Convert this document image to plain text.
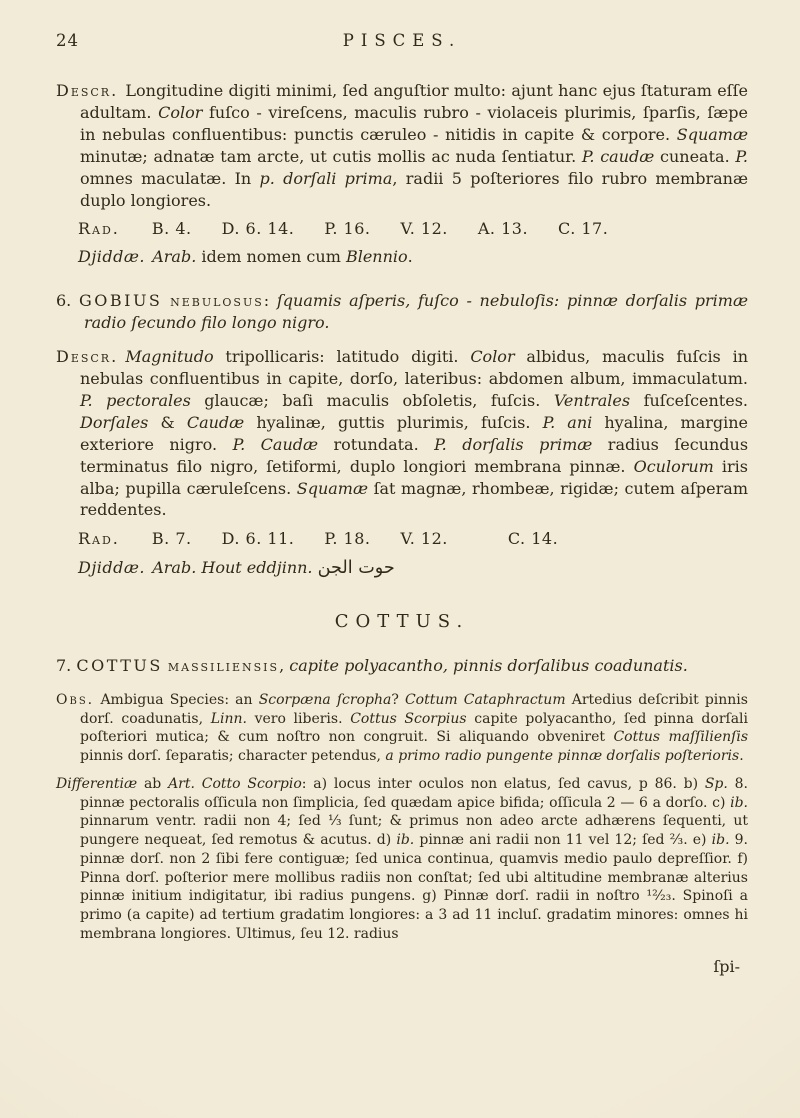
24	PISCES.

Descr. Longitudine digiti minimi, ſed anguſtior multo: ajunt hanc ejus ſtaturam eſſe adultam. Color fuſco - vireſcens, maculis rubro - violaceis plurimis, ſparſis, ſæpe in nebulas confluentibus: punctis cæruleo - nitidis in capite & corpore. Squamæ minutæ; adnatæ tam arcte, ut cutis mollis ac nuda ſentiatur. P. caudæ cuneata. P. omnes maculatæ. In p. dorſali prima, radii 5 poſteriores filo rubro membranæ duplo longiores.

Rad. B. 4. D. 6. 14. P. 16. V. 12. A. 13. C. 17.

Djiddæ. Arab. idem nomen cum Blennio.

6. GOBIUS nebulosus: ſquamis aſperis, fuſco - nebuloſis: pinnæ dorſalis primæ radio ſecundo filo longo nigro.

Descr. Magnitudo tripollicaris: latitudo digiti. Color albidus, maculis fuſcis in nebulas confluentibus in capite, dorſo, lateribus: abdomen album, immaculatum. P. pectorales glaucæ; baſi maculis obſoletis, fuſcis. Ventrales fuſceſcentes. Dorſales & Caudæ hyalinæ, guttis plurimis, fuſcis. P. ani hyalina, margine exteriore nigro. P. Caudæ rotundata. P. dorſalis primæ radius ſecundus terminatus filo nigro, ſetiformi, duplo longiori membrana pinnæ. Oculorum iris alba; pupilla cæruleſcens. Squamæ ſat magnæ, rhombeæ, rigidæ; cutem aſperam reddentes.

Rad. B. 7. D. 6. 11. P. 18. V. 12.	C. 14.

Djiddæ. Arab. Hout eddjinn. حوت الجن

COTTUS.

7. COTTUS massiliensis, capite polyacantho, pinnis dorſalibus coadunatis.

Obs. Ambigua Species: an Scorpæna ſcropha? Cottum Cataphractum Artedius deſcribit pinnis dorſ. coadunatis, Linn. vero liberis. Cottus Scorpius capite polyacantho, ſed pinna dorſali poſteriori mutica; & cum noſtro non congruit. Si aliquando obveniret Cottus maſſilienſis pinnis dorſ. ſeparatis; character petendus, a primo radio pungente pinnæ dorſalis poſterioris.

Differentiæ ab Art. Cotto Scorpio: a) locus inter oculos non elatus, ſed cavus, p 86. b) Sp. 8. pinnæ pectoralis oſſicula non ſimplicia, ſed quædam apice bifida; oſſicula 2 — 6 a dorſo. c) ib. pinnarum ventr. radii non 4; ſed ⅓ ſunt; & primus non adeo arcte adhærens ſequenti, ut pungere nequeat, ſed remotus & acutus. d) ib. pinnæ ani radii non 11 vel 12; ſed ⅔. e) ib. 9. pinnæ dorſ. non 2 ſibi fere contiguæ; ſed unica continua, quamvis medio paulo depreſſior. f) Pinna dorſ. poſterior mere mollibus radiis non conſtat; ſed ubi altitudine membranæ alterius pinnæ initium indigitatur, ibi radius pungens. g) Pinnæ dorſ. radii in noſtro ¹²⁄₂₃. Spinoſi a primo (a capite) ad tertium gradatim longiores: a 3 ad 11 incluſ. gradatim minores: omnes hi membrana longiores. Ultimus, ſeu 12. radius

ſpi-
